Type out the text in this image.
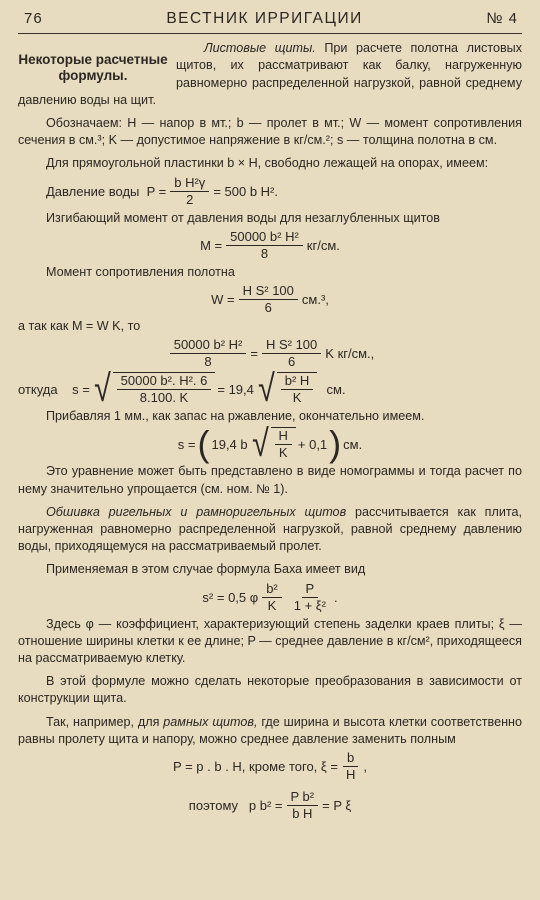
76	ВЕСТНИК ИРРИГАЦИИ	№ 4
Некоторые расчетные формулы.

Листовые щиты. При расчете полотна листовых щитов, их рассматривают как балку, нагруженную равномерно распределенной нагрузкой, равной среднему давлению воды на щит.

Обозначаем: Н — напор в мт.; b — пролет в мт.; W — момент сопротивления сечения в см.³; K — допустимое напряжение в кг/см.²; s — толщина полотна в см.

Для прямоугольной пластинки b × H, свободно лежащей на опорах, имеем:

Давление воды
$P = \frac{\text{b H²γ}}{2} = 500$ b H².

Изгибающий момент от давления воды для незаглубленных щитов

$M = \frac{\text{50000 b² H²}}{8} кг/см$.

Момент сопротивления полотна

$W = \frac{\text{H S² 100}}{6} см.^3$,

а так как M = W K, то

$\frac{\text{50000 b² H²}}{8} = \frac{\text{H S² 100}}{6}$ K кг/см.,
откуда
s = √ $\frac{\text{50000 b². H². 6}}{8.100. K} = 19,4$ √ $\frac{\text{b² H}}{K}$
см.

Прибавляя 1 мм., как запас на ржавление, окончательно имеем.

s = ( 19,4 b √ $\frac{H}{K} + 0,1$ ) см.

Это уравнение может быть представлено в виде номограммы и тогда расчет по нему значительно упрощается (см. ном. № 1).

Обшивка ригельных и рамноригельных щитов рассчитывается как плита, нагруженная равномерно распределенной нагрузкой, равной среднему давлению воды, приходящемуся на рассматриваемый пролет.

Применяемая в этом случае формула Баха имеет вид

s² = 0,5 φ $\frac{\text{b²}}{K} \frac{P}{\text{1 + ξ²}}$ .

Здесь φ — коэффициент, характеризующий степень заделки краев плиты; ξ — отношение ширины клетки к ее длине; P — среднее давление в кг/см², приходящееся на рассматриваемую клетку.

В этой формуле можно сделать некоторые преобразования в зависимости от конструкции щита.

Так, например, для рамных щитов, где ширина и высота клетки соответственно равны пролету щита и напору, можно среднее давление заменить полным

P = p . b . H, кроме того,
$\xi = \frac{b}{H}$ ,
поэтому
p $b^2 = \frac{\text{P b²}}{\text{b H}} = P$ ξ
